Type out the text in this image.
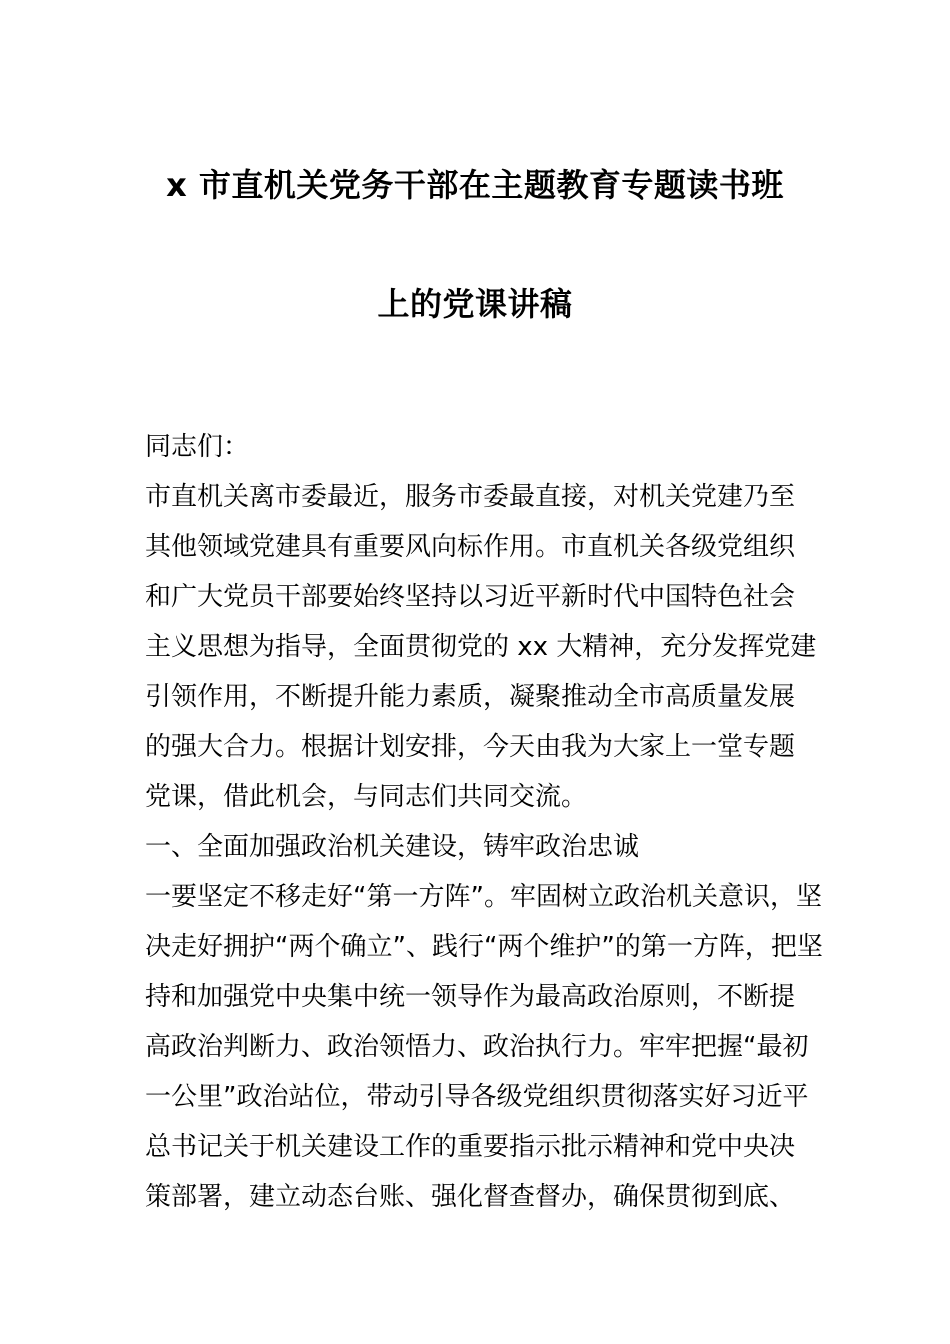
x 市直机关党务干部在主题教育专题读书班
上的党课讲稿
同志们：
市直机关离市委最近，服务市委最直接，对机关党建乃至
其他领域党建具有重要风向标作用。市直机关各级党组织
和广大党员干部要始终坚持以习近平新时代中国特色社会
主义思想为指导，全面贯彻党的 xx 大精神，充分发挥党建
引领作用，不断提升能力素质，凝聚推动全市高质量发展
的强大合力。根据计划安排，今天由我为大家上一堂专题
党课，借此机会，与同志们共同交流。
一、全面加强政治机关建设，铸牢政治忠诚
一要坚定不移走好“第一方阵”。牢固树立政治机关意识，坚
决走好拥护“两个确立”、践行“两个维护”的第一方阵，把坚
持和加强党中央集中统一领导作为最高政治原则，不断提
高政治判断力、政治领悟力、政治执行力。牢牢把握“最初
一公里”政治站位，带动引导各级党组织贯彻落实好习近平
总书记关于机关建设工作的重要指示批示精神和党中央决
策部署，建立动态台账、强化督查督办，确保贯彻到底、
